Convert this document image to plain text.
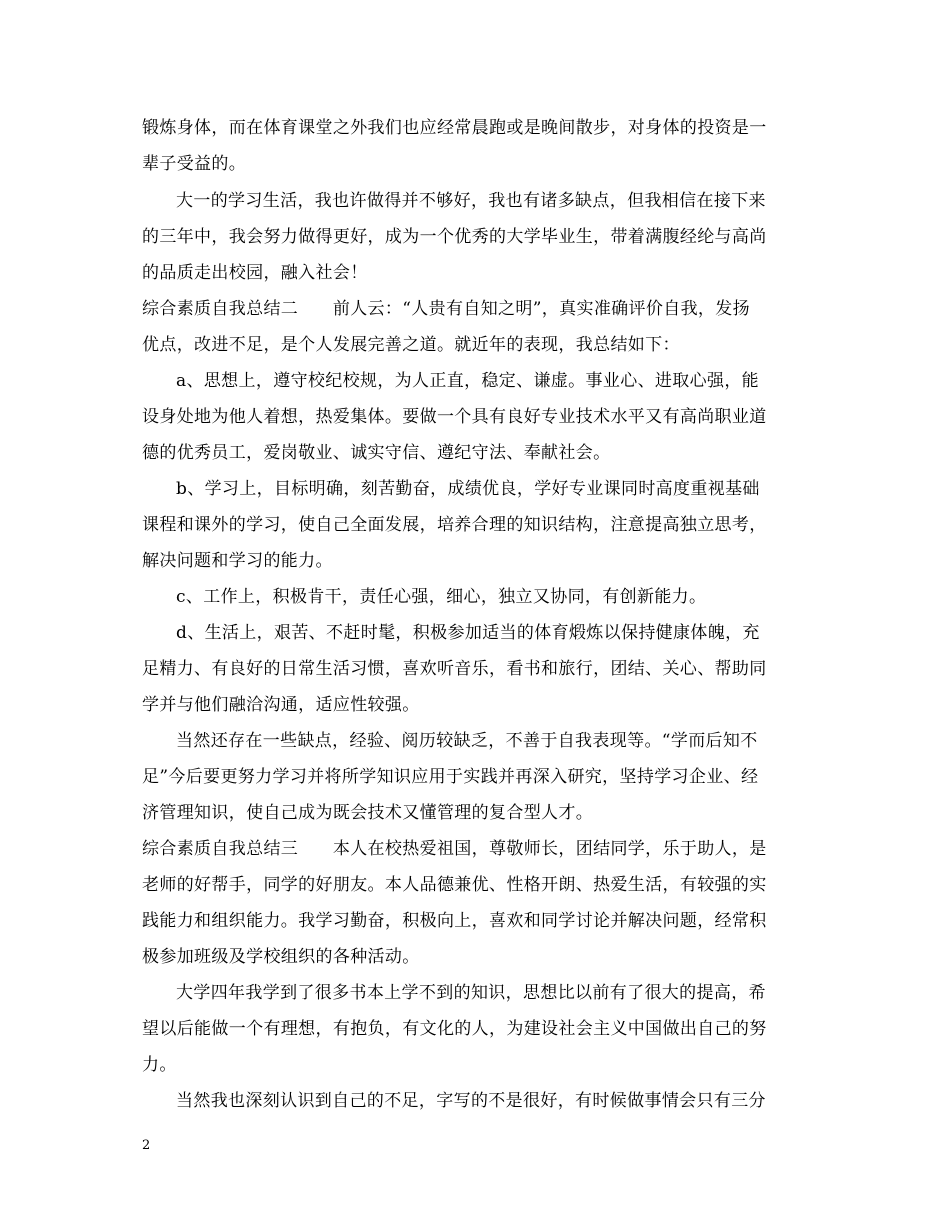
锻炼身体，而在体育课堂之外我们也应经常晨跑或是晚间散步，对身体的投资是一
辈子受益的。
大一的学习生活，我也许做得并不够好，我也有诸多缺点，但我相信在接下来
的三年中，我会努力做得更好，成为一个优秀的大学毕业生，带着满腹经纶与高尚
的品质走出校园，融入社会！
综合素质自我总结二　　前人云：“人贵有自知之明”，真实准确评价自我，发扬
优点，改进不足，是个人发展完善之道。就近年的表现，我总结如下：
a、思想上，遵守校纪校规，为人正直，稳定、谦虚。事业心、进取心强，能
设身处地为他人着想，热爱集体。要做一个具有良好专业技术水平又有高尚职业道
德的优秀员工，爱岗敬业、诚实守信、遵纪守法、奉献社会。
b、学习上，目标明确，刻苦勤奋，成绩优良，学好专业课同时高度重视基础
课程和课外的学习，使自己全面发展，培养合理的知识结构，注意提高独立思考，
解决问题和学习的能力。
c、工作上，积极肯干，责任心强，细心，独立又协同，有创新能力。
d、生活上，艰苦、不赶时髦，积极参加适当的体育煅炼以保持健康体魄，充
足精力、有良好的日常生活习惯，喜欢听音乐，看书和旅行，团结、关心、帮助同
学并与他们融洽沟通，适应性较强。
当然还存在一些缺点，经验、阅历较缺乏，不善于自我表现等。“学而后知不
足”今后要更努力学习并将所学知识应用于实践并再深入研究，坚持学习企业、经
济管理知识，使自己成为既会技术又懂管理的复合型人才。
综合素质自我总结三　　本人在校热爱祖国，尊敬师长，团结同学，乐于助人，是
老师的好帮手，同学的好朋友。本人品德兼优、性格开朗、热爱生活，有较强的实
践能力和组织能力。我学习勤奋，积极向上，喜欢和同学讨论并解决问题，经常积
极参加班级及学校组织的各种活动。
大学四年我学到了很多书本上学不到的知识，思想比以前有了很大的提高，希
望以后能做一个有理想，有抱负，有文化的人，为建设社会主义中国做出自己的努
力。
当然我也深刻认识到自己的不足，字写的不是很好，有时候做事情会只有三分
2
